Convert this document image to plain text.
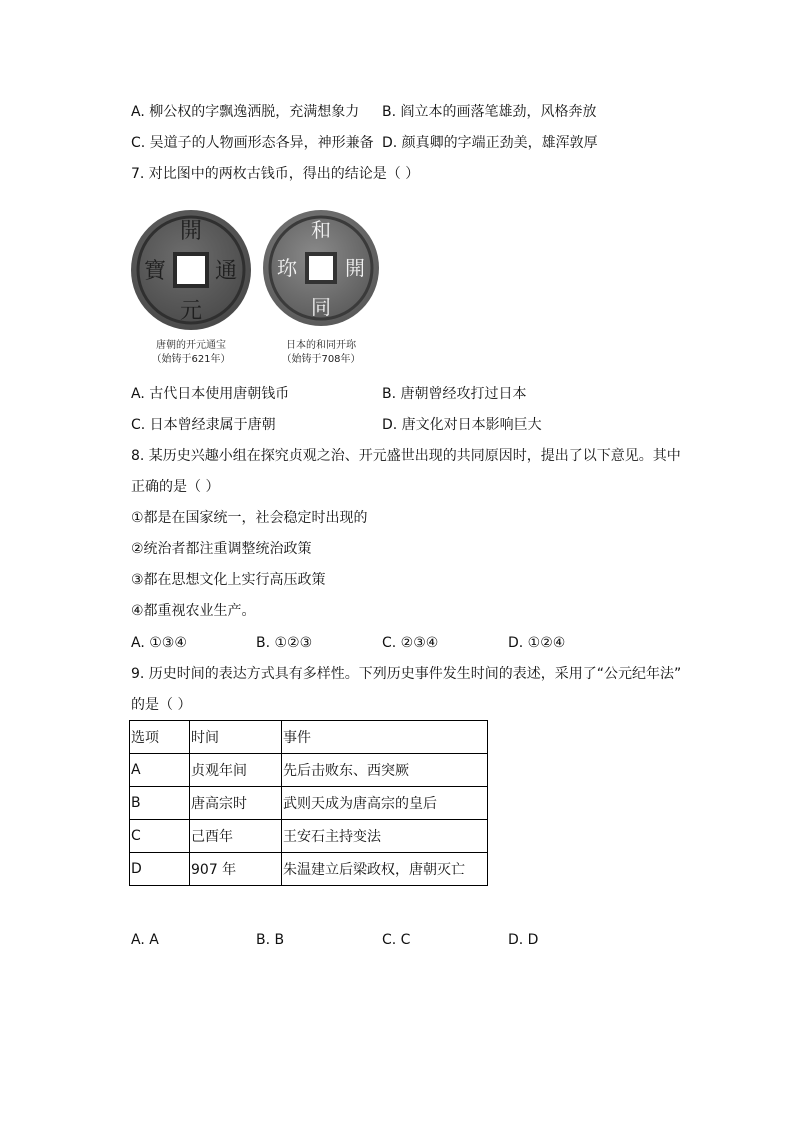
A. 柳公权的字飘逸洒脱，充满想象力 B. 阎立本的画落笔雄劲，风格奔放
C. 吴道子的人物画形态各异，神形兼备 D. 颜真卿的字端正劲美，雄浑敦厚
7. 对比图中的两枚古钱币，得出的结论是（ ）
開
元
通
寶
和
同
開
珎
唐朝的开元通宝
（始铸于621年）
日本的和同开珎
（始铸于708年）
A. 古代日本使用唐朝钱币	B. 唐朝曾经攻打过日本
C. 日本曾经隶属于唐朝	D. 唐文化对日本影响巨大
8. 某历史兴趣小组在探究贞观之治、开元盛世出现的共同原因时，提出了以下意见。其中
正确的是（ ）
①都是在国家统一，社会稳定时出现的
②统治者都注重调整统治政策
③都在思想文化上实行高压政策
④都重视农业生产。
A. ①③④	B. ①②③	C. ②③④	D. ①②④
9. 历史时间的表达方式具有多样性。下列历史事件发生时间的表述，采用了“公元纪年法”
的是（ ）
选项	时间	事件
A	贞观年间	先后击败东、西突厥
B	唐高宗时	武则天成为唐高宗的皇后
C	己酉年	王安石主持变法
D	907 年	朱温建立后梁政权，唐朝灭亡
A. A	B. B	C. C	D. D
